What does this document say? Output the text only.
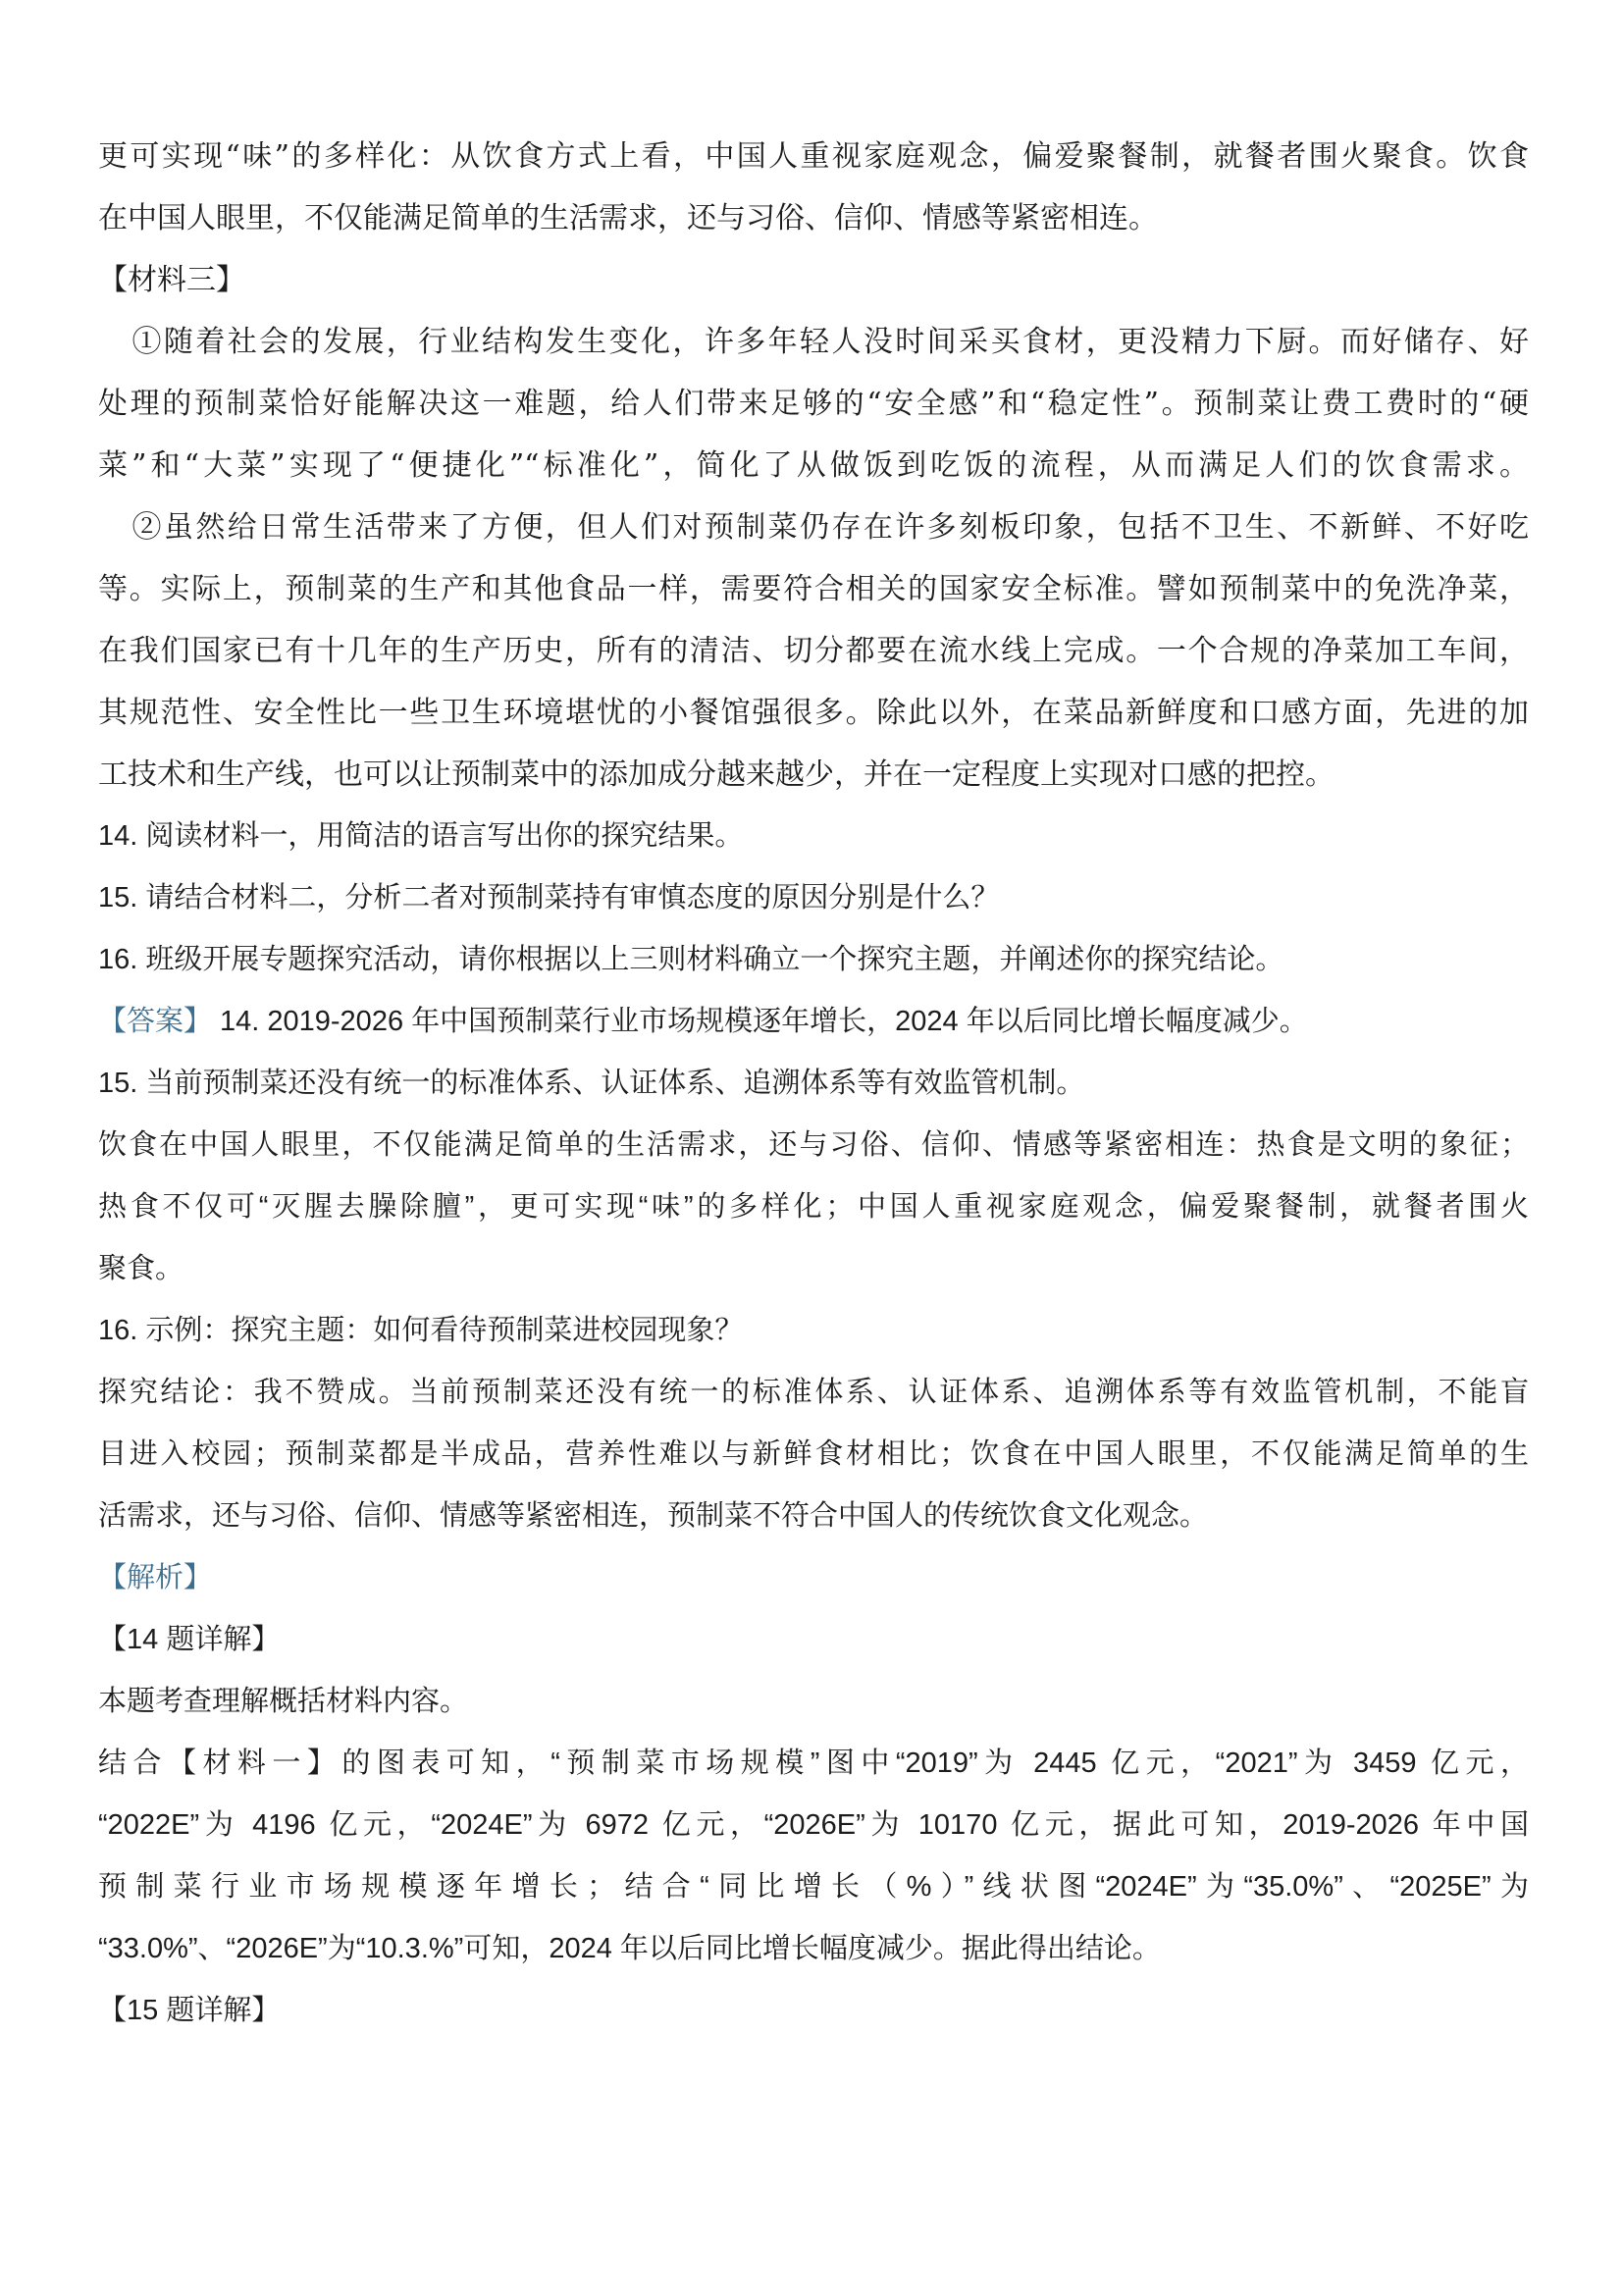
更可实现“味”的多样化：从饮食方式上看，中国人重视家庭观念，偏爱聚餐制，就餐者围火聚食。饮食

在中国人眼里，不仅能满足简单的生活需求，还与习俗、信仰、情感等紧密相连。

【材料三】

①随着社会的发展，行业结构发生变化，许多年轻人没时间采买食材，更没精力下厨。而好储存、好

处理的预制菜恰好能解决这一难题，给人们带来足够的“安全感”和“稳定性”。预制菜让费工费时的“硬

菜”和“大菜”实现了“便捷化”“标准化”，简化了从做饭到吃饭的流程，从而满足人们的饮食需求。

②虽然给日常生活带来了方便，但人们对预制菜仍存在许多刻板印象，包括不卫生、不新鲜、不好吃

等。实际上，预制菜的生产和其他食品一样，需要符合相关的国家安全标准。譬如预制菜中的免洗净菜，

在我们国家已有十几年的生产历史，所有的清洁、切分都要在流水线上完成。一个合规的净菜加工车间，

其规范性、安全性比一些卫生环境堪忧的小餐馆强很多。除此以外，在菜品新鲜度和口感方面，先进的加

工技术和生产线，也可以让预制菜中的添加成分越来越少，并在一定程度上实现对口感的把控。

14. 阅读材料一，用简洁的语言写出你的探究结果。

15. 请结合材料二，分析二者对预制菜持有审慎态度的原因分别是什么？

16. 班级开展专题探究活动，请你根据以上三则材料确立一个探究主题，并阐述你的探究结论。

【答案】 14. 2019-2026 年中国预制菜行业市场规模逐年增长，2024 年以后同比增长幅度减少。

15. 当前预制菜还没有统一的标准体系、认证体系、追溯体系等有效监管机制。

饮食在中国人眼里，不仅能满足简单的生活需求，还与习俗、信仰、情感等紧密相连：热食是文明的象征；

热食不仅可“灭腥去臊除膻”，更可实现“味”的多样化；中国人重视家庭观念，偏爱聚餐制，就餐者围火

聚食。

16. 示例：探究主题：如何看待预制菜进校园现象？

探究结论：我不赞成。当前预制菜还没有统一的标准体系、认证体系、追溯体系等有效监管机制，不能盲

目进入校园；预制菜都是半成品，营养性难以与新鲜食材相比；饮食在中国人眼里，不仅能满足简单的生

活需求，还与习俗、信仰、情感等紧密相连，预制菜不符合中国人的传统饮食文化观念。

【解析】

【14 题详解】

本题考查理解概括材料内容。

结合【材料一】的图表可知，“预制菜市场规模”图中“2019”为 2445 亿元，“2021”为 3459 亿元，

“2022E”为 4196 亿元，“2024E”为 6972 亿元，“2026E”为 10170 亿元，据此可知，2019-2026 年中国

预制菜行业市场规模逐年增长；结合“同比增长（%）”线状图“2024E”为“35.0%”、“2025E”为

“33.0%”、“2026E”为“10.3.%”可知，2024 年以后同比增长幅度减少。据此得出结论。

【15 题详解】
